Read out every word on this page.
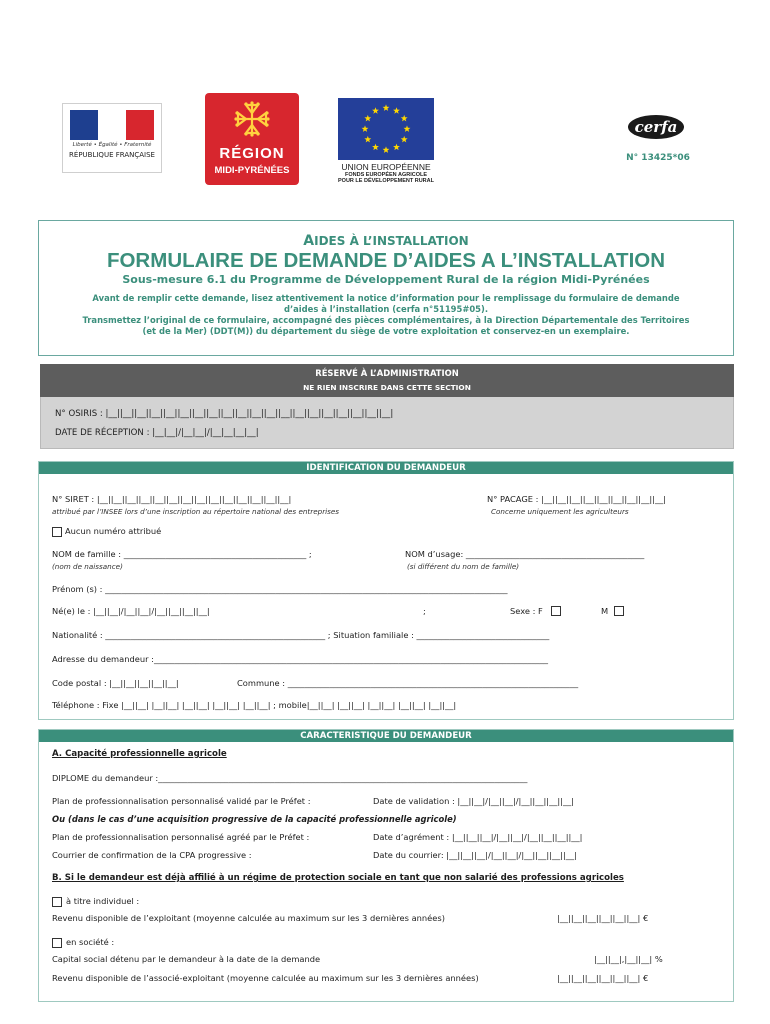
Liberté • Égalité • Fraternité
RÉPUBLIQUE FRANÇAISE	RÉGION
MIDI-PYRÉNÉES	UNION EUROPÉENNE
FONDS EUROPÉEN AGRICOLE
POUR LE DÉVELOPPEMENT RURAL
cerfa
N° 13425*06
AIDES À L’INSTALLATION
FORMULAIRE DE DEMANDE D’AIDES A L’INSTALLATION
Sous-mesure 6.1 du Programme de Développement Rural de la région Midi-Pyrénées
Avant de remplir cette demande, lisez attentivement la notice d’information pour le remplissage du formulaire de demande
d’aides à l’installation (cerfa n°51195#05).
Transmettez l’original de ce formulaire, accompagné des pièces complémentaires, à la Direction Départementale des Territoires
(et de la Mer) (DDT(M)) du département du siège de votre exploitation et conservez-en un exemplaire.
RÉSERVÉ À L’ADMINISTRATION
NE RIEN INSCRIRE DANS CETTE SECTION
N° OSIRIS : |__||__||__||__||__||__||__||__||__||__||__||__||__||__||__||__||__||__||__||__|
DATE DE RÉCEPTION : |__|__|/|__|__|/|__|__|__|__|
IDENTIFICATION DU DEMANDEUR
N° SIRET : |__||__||__||__||__||__||__||__||__||__||__||__||__||__|
attribué par l’INSEE lors d’une inscription au répertoire national des entreprises
N° PACAGE : |__||__||__||__||__||__||__||__||__|
Concerne uniquement les agriculteurs
Aucun numéro attribué
NOM de famille : ____________________________________________ ;
(nom de naissance)
NOM d’usage: ___________________________________________
(si différent du nom de famille)
Prénom (s) : _________________________________________________________________________________________________
Né(e) le : |__||__|/|__||__|/|__||__||__||__|	;	Sexe : F	M
Nationalité : _____________________________________________________ ; Situation familiale : ________________________________
Adresse du demandeur :_______________________________________________________________________________________________
Code postal : |__||__||__||__||__|	Commune : ______________________________________________________________________
Téléphone : Fixe |__||__| |__||__| |__||__| |__||__| |__||__| ; mobile|__||__| |__||__| |__||__| |__||__| |__||__|
CARACTERISTIQUE DU DEMANDEUR
A. Capacité professionnelle agricole
DIPLOME du demandeur :_________________________________________________________________________________________
Plan de professionnalisation personnalisé validé par le Préfet :	Date de validation : |__||__|/|__||__|/|__||__||__||__|
Ou (dans le cas d’une acquisition progressive de la capacité professionnelle agricole)
Plan de professionnalisation personnalisé agréé par le Préfet :	Date d’agrément : |__||__||__|/|__||__|/|__||__||__||__|
Courrier de confirmation de la CPA progressive :	Date du courrier: |__||__||__|/|__||__|/|__||__||__||__|
B. Si le demandeur est déjà affilié à un régime de protection sociale en tant que non salarié des professions agricoles
à titre individuel :
Revenu disponible de l’exploitant (moyenne calculée au maximum sur les 3 dernières années)	|__||__||__||__||__||__| €
en société :
Capital social détenu par le demandeur à la date de la demande	|__||__|,|__||__| %
Revenu disponible de l’associé-exploitant (moyenne calculée au maximum sur les 3 dernières années)	|__||__||__||__||__||__| €
